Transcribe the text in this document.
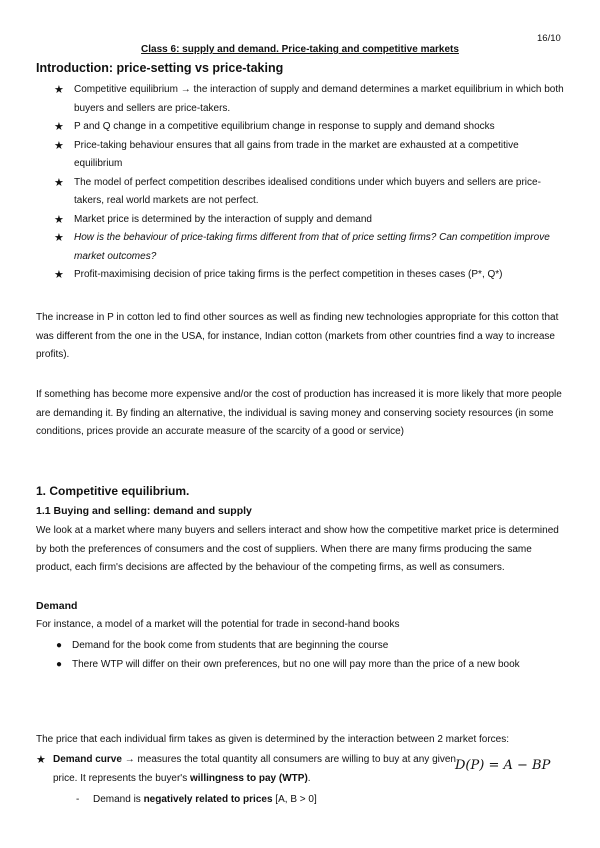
16/10
Class 6: supply and demand. Price-taking and competitive markets
Introduction: price-setting vs price-taking
★ Competitive equilibrium → the interaction of supply and demand determines a market equilibrium in which both buyers and sellers are price-takers.
★ P and Q change in a competitive equilibrium change in response to supply and demand shocks
★ Price-taking behaviour ensures that all gains from trade in the market are exhausted at a competitive equilibrium
★ The model of perfect competition describes idealised conditions under which buyers and sellers are price-takers, real world markets are not perfect.
★ Market price is determined by the interaction of supply and demand
★ How is the behaviour of price-taking firms different from that of price setting firms? Can competition improve market outcomes?
★ Profit-maximising decision of price taking firms is the perfect competition in theses cases (P*, Q*)

The increase in P in cotton led to find other sources as well as finding new technologies appropriate for this cotton that was different from the one in the USA, for instance, Indian cotton (markets from other countries find a way to increase profits).

If something has become more expensive and/or the cost of production has increased it is more likely that more people are demanding it. By finding an alternative, the individual is saving money and conserving society resources (in some conditions, prices provide an accurate measure of the scarcity of a good or service)

1. Competitive equilibrium.
1.1 Buying and selling: demand and supply

We look at a market where many buyers and sellers interact and show how the competitive market price is determined by both the preferences of consumers and the cost of suppliers. When there are many firms producing the same product, each firm's decisions are affected by the behaviour of the competing firms, as well as consumers.

Demand

For instance, a model of a market will the potential for trade in second-hand books

● Demand for the book come from students that are beginning the course
● There WTP will differ on their own preferences, but no one will pay more than the price of a new book

The price that each individual firm takes as given is determined by the interaction between 2 market forces:

★ Demand curve → measures the total quantity all consumers are willing to buy at any given price. It represents the buyer's willingness to pay (WTP).
D(P) = A − BP
- Demand is negatively related to prices [A, B > 0]
